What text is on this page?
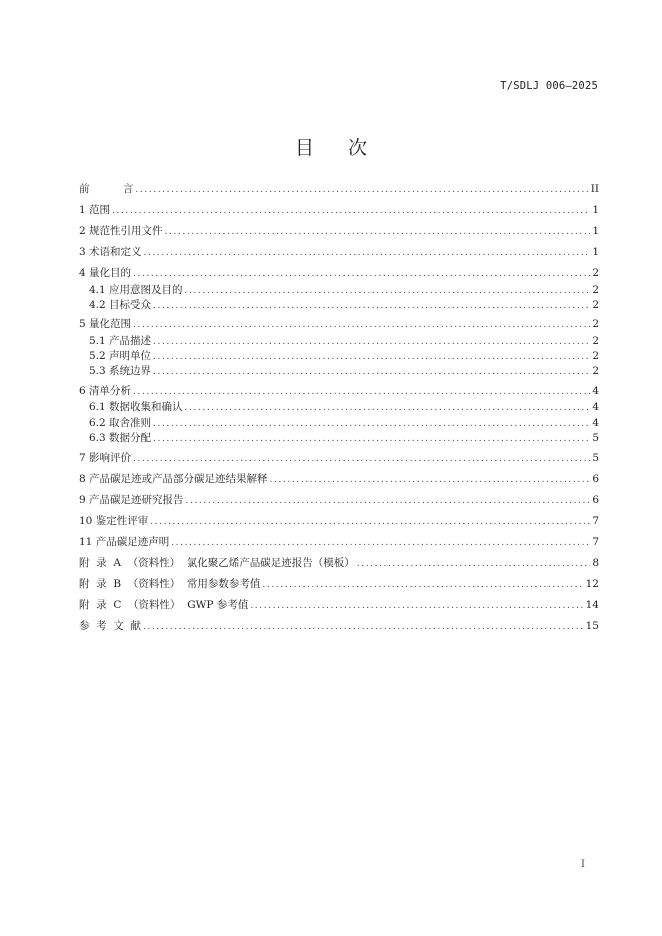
T/SDLJ 006—2025
目 次
前          言 .....	II
1 范围 .....	1
2 规范性引用文件 .....	1
3 术语和定义 .....	1
4 量化目的 .....	2
4.1 应用意图及目的 .....	2
4.2 目标受众 .....	2
5 量化范围 .....	2
5.1 产品描述 .....	2
5.2 声明单位 .....	2
5.3 系统边界 .....	2
6 清单分析 .....	4
6.1 数据收集和确认 .....	4
6.2 取舍准则 .....	4
6.3 数据分配 .....	5
7 影响评价 .....	5
8 产品碳足迹或产品部分碳足迹结果解释 .....	6
9 产品碳足迹研究报告 .....	6
10 鉴定性评审 .....	7
11 产品碳足迹声明 .....	7
附  录  A  （资料性）  氯化聚乙烯产品碳足迹报告（模板） .....	8
附  录  B  （资料性）  常用参数参考值 .....	12
附  录  C  （资料性）  GWP 参考值 .....	14
参  考  文  献 .....	15
I
